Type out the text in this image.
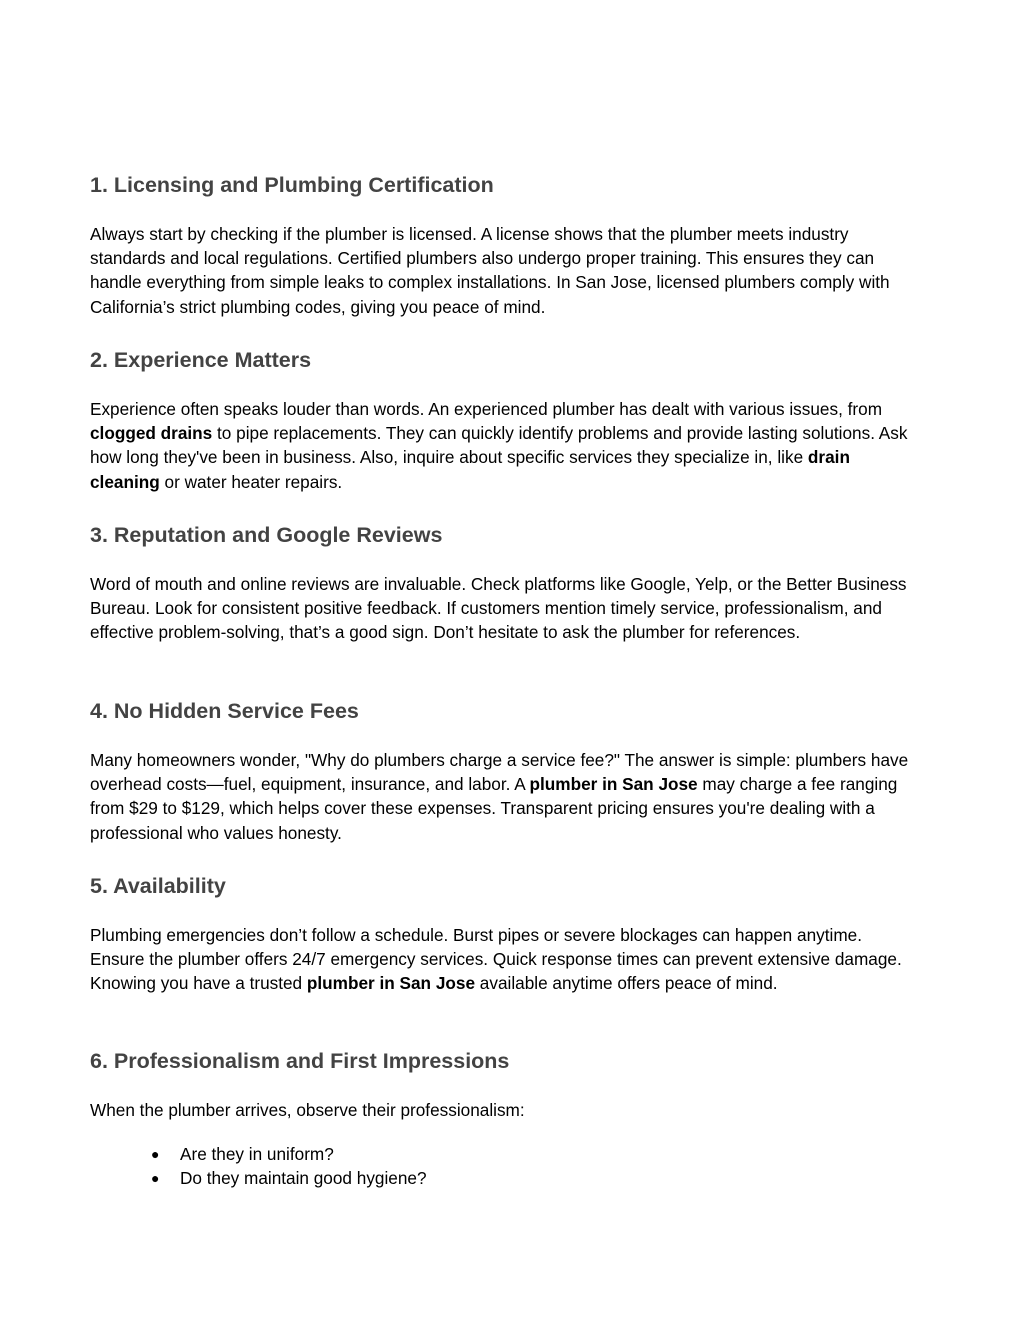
1. Licensing and Plumbing Certification

Always start by checking if the plumber is licensed. A license shows that the plumber meets industry standards and local regulations. Certified plumbers also undergo proper training. This ensures they can handle everything from simple leaks to complex installations. In San Jose, licensed plumbers comply with California’s strict plumbing codes, giving you peace of mind.

2. Experience Matters

Experience often speaks louder than words. An experienced plumber has dealt with various issues, from clogged drains to pipe replacements. They can quickly identify problems and provide lasting solutions. Ask how long they've been in business. Also, inquire about specific services they specialize in, like drain cleaning or water heater repairs.

3. Reputation and Google Reviews

Word of mouth and online reviews are invaluable. Check platforms like Google, Yelp, or the Better Business Bureau. Look for consistent positive feedback. If customers mention timely service, professionalism, and effective problem-solving, that’s a good sign. Don’t hesitate to ask the plumber for references.

4. No Hidden Service Fees

Many homeowners wonder, "Why do plumbers charge a service fee?" The answer is simple: plumbers have overhead costs—fuel, equipment, insurance, and labor. A plumber in San Jose may charge a fee ranging from $29 to $129, which helps cover these expenses. Transparent pricing ensures you're dealing with a professional who values honesty.

5. Availability

Plumbing emergencies don’t follow a schedule. Burst pipes or severe blockages can happen anytime. Ensure the plumber offers 24/7 emergency services. Quick response times can prevent extensive damage. Knowing you have a trusted plumber in San Jose available anytime offers peace of mind.

6. Professionalism and First Impressions

When the plumber arrives, observe their professionalism:

● Are they in uniform?
● Do they maintain good hygiene?
